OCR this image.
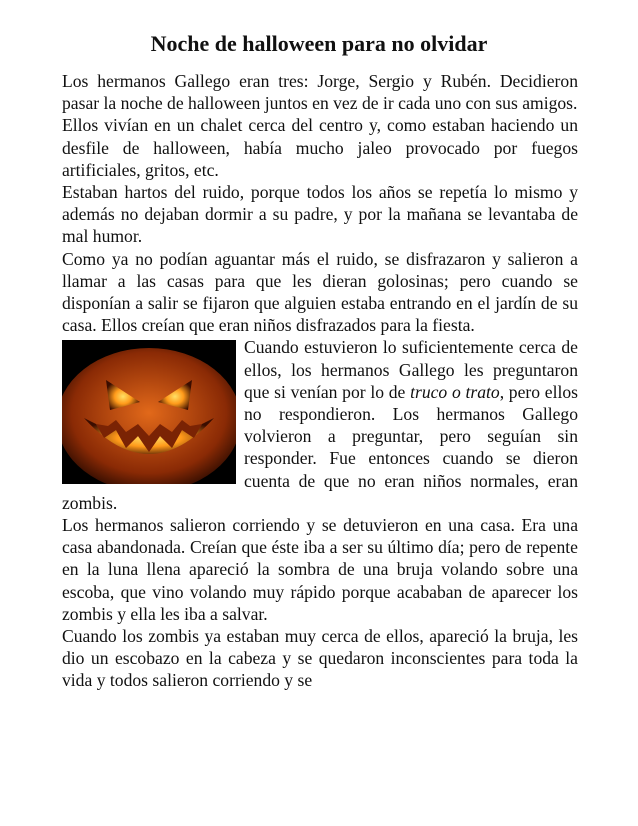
Noche de halloween para no olvidar

Los hermanos Gallego eran tres: Jorge, Sergio y Rubén. Decidieron pasar la noche de halloween juntos en vez de ir cada uno con sus amigos.

Ellos vivían en un chalet cerca del centro y, como estaban haciendo un desfile de halloween, había mucho jaleo provocado por fuegos artificiales, gritos, etc.

Estaban hartos del ruido, porque todos los años se repetía lo mismo y además no dejaban dormir a su padre, y por la mañana se levantaba de mal humor.

Como ya no podían aguantar más el ruido, se disfrazaron y salieron a llamar a las casas para que les dieran golosinas; pero cuando se disponían a salir se fijaron que alguien estaba entrando en el jardín de su casa. Ellos creían que eran niños disfrazados para la fiesta.

Cuando estuvieron lo suficientemente cerca de ellos, los hermanos Gallego les preguntaron que si venían por lo de truco o trato, pero ellos no respondieron. Los hermanos Gallego volvieron a preguntar, pero seguían sin responder. Fue entonces cuando se dieron cuenta de que no eran niños normales, eran zombis.

Los hermanos salieron corriendo y se detuvieron en una casa. Era una casa abandonada. Creían que éste iba a ser su último día; pero de repente en la luna llena apareció la sombra de una bruja volando sobre una escoba, que vino volando muy rápido porque acababan de aparecer los zombis y ella les iba a salvar.

Cuando los zombis ya estaban muy cerca de ellos, apareció la bruja, les dio un escobazo en la cabeza y se quedaron inconscientes para toda la vida y todos salieron corriendo y se
